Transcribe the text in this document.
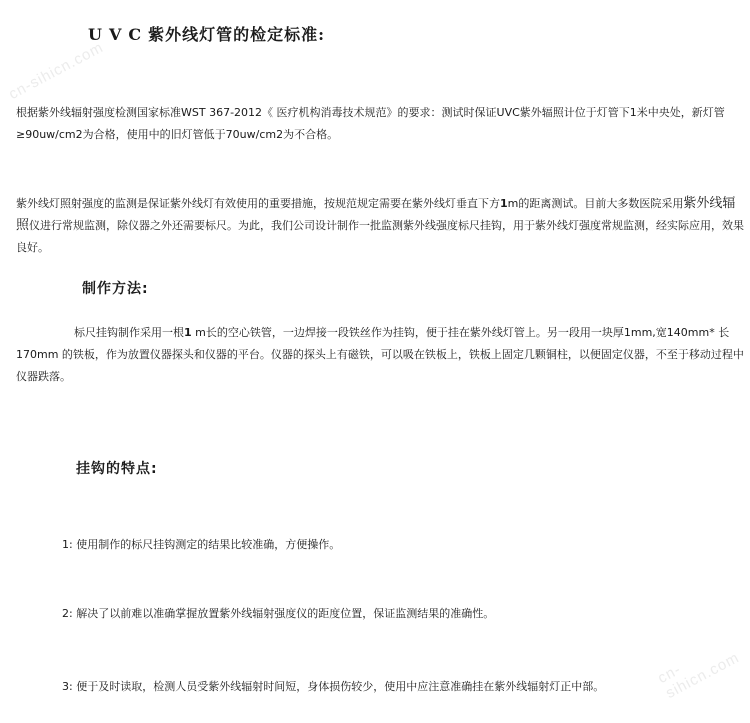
cn-sihicn.com
cn-sihicn.com
UVC紫外线灯管的检定标准:

根据紫外线辐射强度检测国家标准WST 367-2012《 医疗机构消毒技术规范》的要求：测试时保证UVC紫外辐照计位于灯管下1米中央处，新灯管≥90uw/cm2为合格，使用中的旧灯管低于70uw/cm2为不合格。

紫外线灯照射强度的监测是保证紫外线灯有效使用的重要措施，按规范规定需要在紫外线灯垂直下方1m的距离测试。目前大多数医院采用紫外线辐照仪进行常规监测，除仪器之外还需要标尺。为此，我们公司设计制作一批监测紫外线强度标尺挂钩，用于紫外线灯强度常规监测，经实际应用，效果良好。

制作方法:

标尺挂钩制作采用一根1 m长的空心铁管，一边焊接一段铁丝作为挂钩，便于挂在紫外线灯管上。另一段用一块厚1mm,宽140mm* 长170mm 的铁板，作为放置仪器探头和仪器的平台。仪器的探头上有磁铁，可以吸在铁板上，铁板上固定几颗铜柱，以便固定仪器，不至于移动过程中仪器跌落。

挂钩的特点:

1: 使用制作的标尺挂钩测定的结果比较准确，方便操作。

2: 解决了以前难以准确掌握放置紫外线辐射强度仪的距度位置，保证监测结果的准确性。

3: 便于及时读取，检测人员受紫外线辐射时间短，身体损伤较少，使用中应注意准确挂在紫外线辐射灯正中部。
